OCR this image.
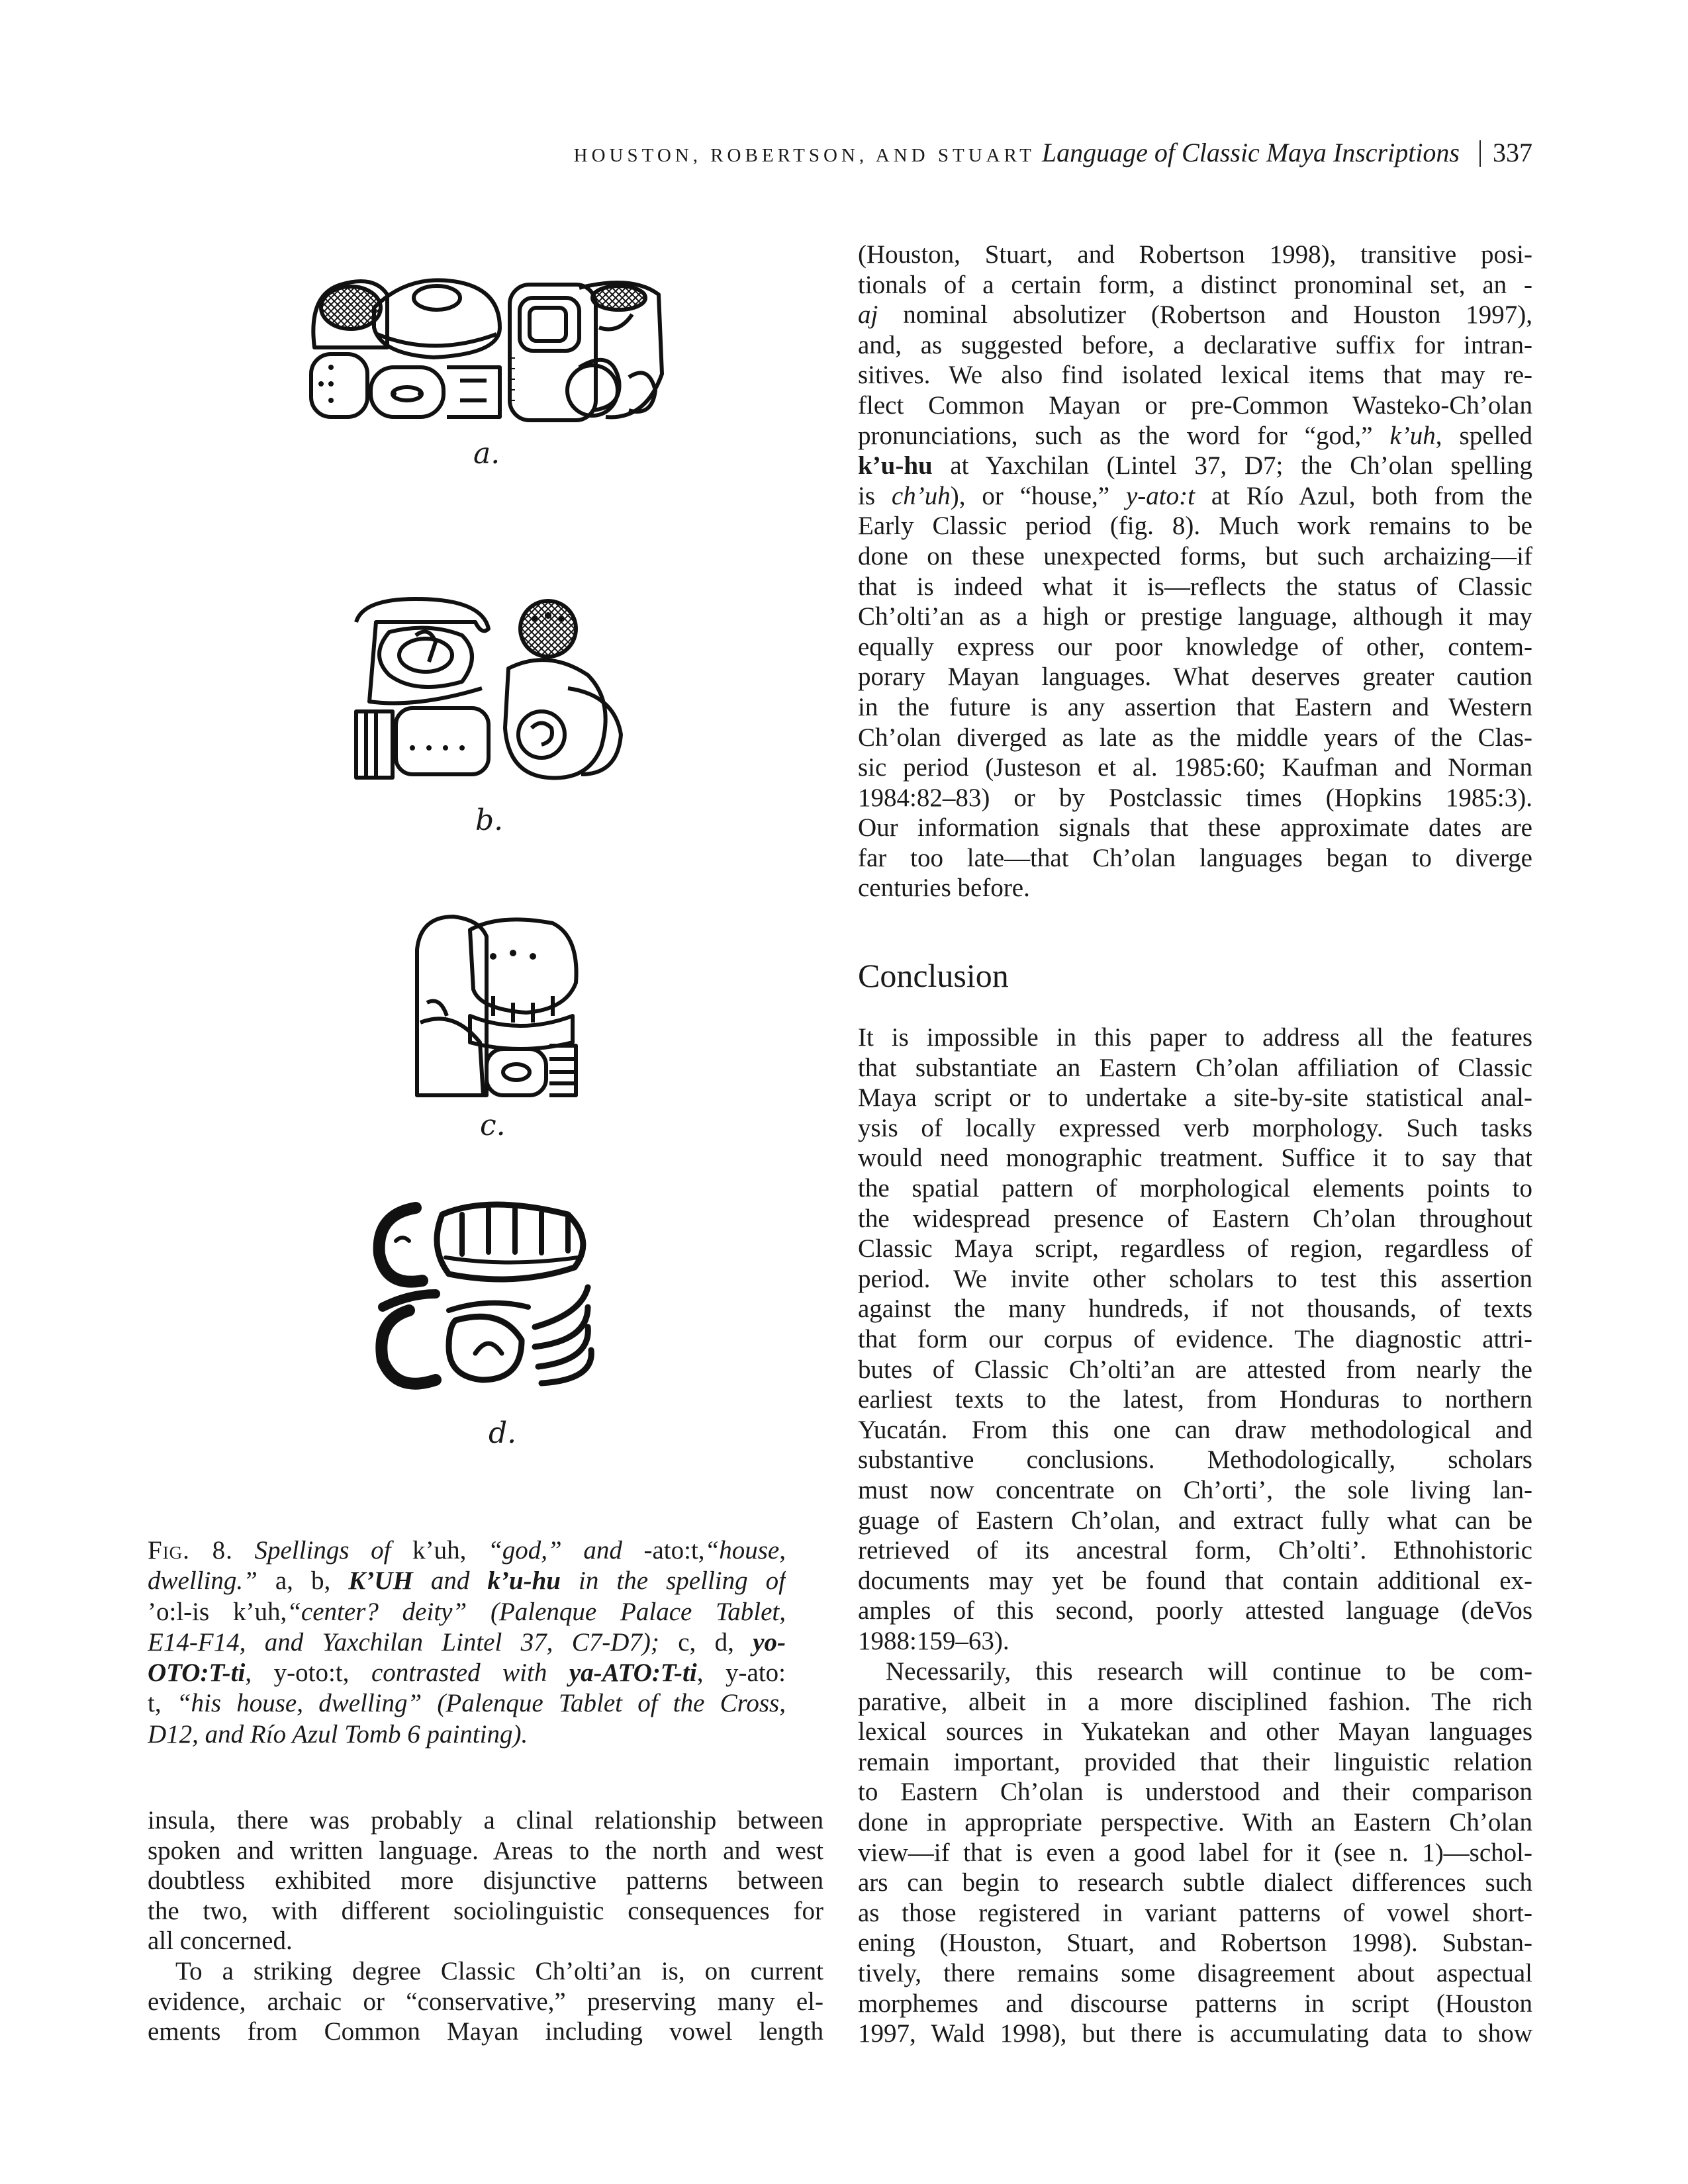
HOUSTON, ROBERTSON, AND STUART Language of Classic Maya Inscriptions 337
a.
b.
c.
d.
Fig. 8. Spellings of k’uh, “god,” and -ato:t,“house,
dwelling.” a, b, K’UH and k’u-hu in the spelling of
’o:l-is k’uh,“center? deity” (Palenque Palace Tablet,
E14-F14, and Yaxchilan Lintel 37, C7-D7); c, d, yo-
OTO:T-ti, y-oto:t, contrasted with ya-ATO:T-ti, y-ato:
t, “his house, dwelling” (Palenque Tablet of the Cross,
D12, and Río Azul Tomb 6 painting).
insula, there was probably a clinal relationship between
spoken and written language. Areas to the north and west
doubtless exhibited more disjunctive patterns between
the two, with different sociolinguistic consequences for
all concerned.
To a striking degree Classic Ch’olti’an is, on current
evidence, archaic or “conservative,” preserving many el-
ements from Common Mayan including vowel length
(Houston, Stuart, and Robertson 1998), transitive posi-
tionals of a certain form, a distinct pronominal set, an -
aj nominal absolutizer (Robertson and Houston 1997),
and, as suggested before, a declarative suffix for intran-
sitives. We also find isolated lexical items that may re-
flect Common Mayan or pre-Common Wasteko-Ch’olan
pronunciations, such as the word for “god,” k’uh, spelled
k’u-hu at Yaxchilan (Lintel 37, D7; the Ch’olan spelling
is ch’uh), or “house,” y-ato:t at Río Azul, both from the
Early Classic period (fig. 8). Much work remains to be
done on these unexpected forms, but such archaizing—if
that is indeed what it is—reflects the status of Classic
Ch’olti’an as a high or prestige language, although it may
equally express our poor knowledge of other, contem-
porary Mayan languages. What deserves greater caution
in the future is any assertion that Eastern and Western
Ch’olan diverged as late as the middle years of the Clas-
sic period (Justeson et al. 1985:60; Kaufman and Norman
1984:82–83) or by Postclassic times (Hopkins 1985:3).
Our information signals that these approximate dates are
far too late—that Ch’olan languages began to diverge
centuries before.
Conclusion
It is impossible in this paper to address all the features
that substantiate an Eastern Ch’olan affiliation of Classic
Maya script or to undertake a site-by-site statistical anal-
ysis of locally expressed verb morphology. Such tasks
would need monographic treatment. Suffice it to say that
the spatial pattern of morphological elements points to
the widespread presence of Eastern Ch’olan throughout
Classic Maya script, regardless of region, regardless of
period. We invite other scholars to test this assertion
against the many hundreds, if not thousands, of texts
that form our corpus of evidence. The diagnostic attri-
butes of Classic Ch’olti’an are attested from nearly the
earliest texts to the latest, from Honduras to northern
Yucatán. From this one can draw methodological and
substantive conclusions. Methodologically, scholars
must now concentrate on Ch’orti’, the sole living lan-
guage of Eastern Ch’olan, and extract fully what can be
retrieved of its ancestral form, Ch’olti’. Ethnohistoric
documents may yet be found that contain additional ex-
amples of this second, poorly attested language (deVos
1988:159–63).
Necessarily, this research will continue to be com-
parative, albeit in a more disciplined fashion. The rich
lexical sources in Yukatekan and other Mayan languages
remain important, provided that their linguistic relation
to Eastern Ch’olan is understood and their comparison
done in appropriate perspective. With an Eastern Ch’olan
view—if that is even a good label for it (see n. 1)—schol-
ars can begin to research subtle dialect differences such
as those registered in variant patterns of vowel short-
ening (Houston, Stuart, and Robertson 1998). Substan-
tively, there remains some disagreement about aspectual
morphemes and discourse patterns in script (Houston
1997, Wald 1998), but there is accumulating data to show
